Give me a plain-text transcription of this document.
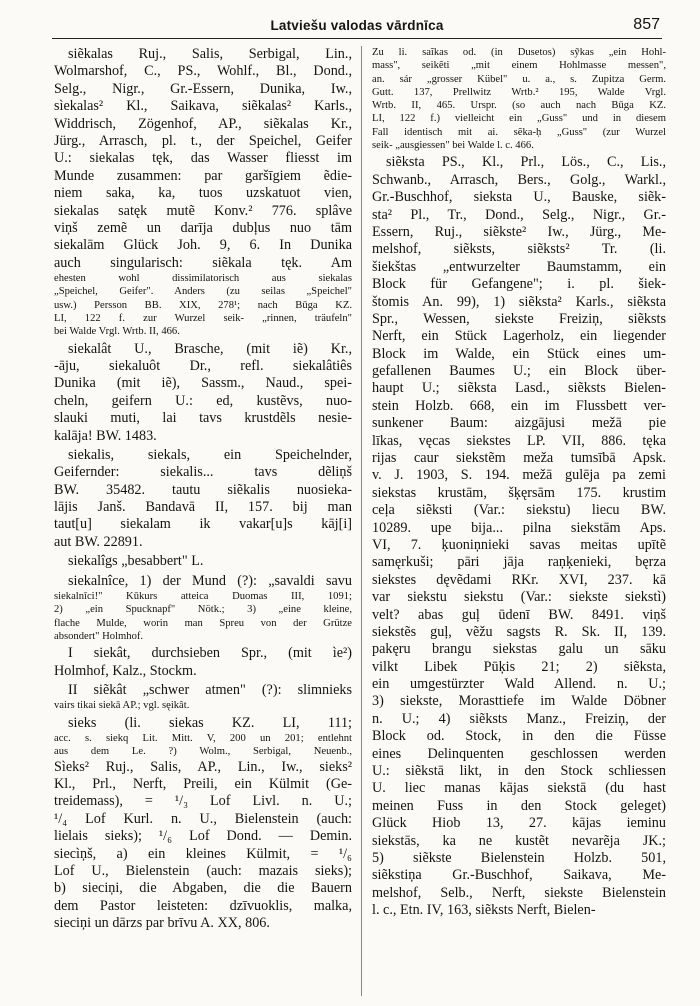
Latviešu valodas vārdnīca	857
siẽkalas Ruj., Salis, Serbigal, Lin.,
Wolmarshof, C., PS., Wohlf., Bl., Dond.,
Selg., Nigr., Gr.-Essern, Dunika, Iw.,
sìekalas² Kl., Saikava, siẽkalas² Karls.,
Widdrisch, Zögenhof, AP., siẽkalas Kr.,
Jürg., Arrasch, pl. t., der Speichel, Geifer
U.: siekalas tęk, das Wasser fliesst im
Munde zusammen: par garšīgiem ẽdie-
niem saka, ka, tuos uzskatuot vien,
siekalas satęk mutẽ Konv.² 776. splâve
viņš zemẽ un darīja dubļus nuo tām
siekalām Glück Joh. 9, 6. In Dunika
auch singularisch: siẽkala tęk. Am
ehesten wohl dissimilatorisch aus siekalas
„Speichel, Geifer". Anders (zu seilas „Speichel"
usw.) Persson BB. XIX, 278¹; nach Būga KZ.
LI, 122 f. zur Wurzel seik- „rinnen, träufeln"
bei Walde Vrgl. Wrtb. II, 466.
siekalât U., Brasche, (mit iẽ) Kr.,
-āju, siekaluôt Dr., refl. siekalâtiês
Dunika (mit iẽ), Sassm., Naud., spei-
cheln, geifern U.: ed, kustẽvs, nuo-
slauki muti, lai tavs krustdẽls nesie-
kalāja! BW. 1483.
siekalis, siekals, ein Speichelnder,
Geifernder: siekalis... tavs dẽliņš
BW. 35482. tautu siẽkalis nuosieka-
lājis Janš. Bandavā II, 157. bij man
taut[u] siekalam ik vakar[u]s kāj[i]
aut BW. 22891.
siekalîgs „besabbert" L.
siekalnîce, 1) der Mund (?): „savaldi savu
siekalnīci!" Kūkurs atteica Duomas III, 1091;
2) „ein Spucknapf" Nötk.; 3) „eine kleine,
flache Mulde, worin man Spreu von der Grütze
absondert" Holmhof.
I siekât, durchsieben Spr., (mit ìe²)
Holmhof, Kalz., Stockm.
II siẽkât „schwer atmen" (?): slimnieks
vairs tikai siekā AP.; vgl. sęikât.
sieks (li. siekas KZ. LI, 111;
acc. s. siekq Lit. Mitt. V, 200 un 201; entlehnt
aus dem Le. ?) Wolm., Serbigal, Neuenb.,
Sìeks² Ruj., Salis, AP., Lin., Iw., sieks²
Kl., Prl., Nerft, Preili, ein Külmit (Ge-
treidemass), = ¹/₃ Lof Livl. n. U.;
¹/₄ Lof Kurl. n. U., Bielenstein (auch:
lielais sieks); ¹/₆ Lof Dond. — Demin.
siecìņš, a) ein kleines Külmit, = ¹/₆
Lof U., Bielenstein (auch: mazais sieks);
b) sieciņi, die Abgaben, die die Bauern
dem Pastor leisteten: dzīvuoklis, malka,
sieciņi un dārzs par brīvu A. XX, 806.
Zu li. saĩkas od. (in Dusetos) sỹkas „ein Hohl-
mass", seikẽti „mit einem Hohlmasse messen",
an. sár „grosser Kübel" u. a., s. Zupitza Germ.
Gutt. 137, Prellwitz Wrtb.² 195, Walde Vrgl.
Wrtb. II, 465. Urspr. (so auch nach Būga KZ.
LI, 122 f.) vielleicht ein „Guss" und in diesem
Fall identisch mit ai. sẽka-ḥ „Guss" (zur Wurzel
seik- „ausgiessen" bei Walde l. c. 466.
siẽksta PS., Kl., Prl., Lös., C., Lis.,
Schwanb., Arrasch, Bers., Golg., Warkl.,
Gr.-Buschhof, sieksta U., Bauske, siẽk-
sta² Pl., Tr., Dond., Selg., Nigr., Gr.-
Essern, Ruj., siẽkste² Iw., Jürg., Me-
melshof, siẽksts, siẽksts² Tr. (li.
šiekštas „entwurzelter Baumstamm, ein
Block für Gefangene"; i. pl. šiek-
štomis An. 99), 1) siẽksta² Karls., siẽksta
Spr., Wessen, siekste Freiziņ, siẽksts
Nerft, ein Stück Lagerholz, ein liegender
Block im Walde, ein Stück eines um-
gefallenen Baumes U.; ein Block über-
haupt U.; siẽksta Lasd., siẽksts Bielen-
stein Holzb. 668, ein im Flussbett ver-
sunkener Baum: aizgājusi mežā pie
līkas, vęcas siekstes LP. VII, 886. tęka
rijas caur siekstẽm meža tumsībā Apsk.
v. J. 1903, S. 194. mežā gulēja pa zemi
siekstas krustām, šķęrsām 175. krustim
ceļa siẽksti (Var.: siekstu) liecu BW.
10289. upe bija... pilna siekstām Aps.
VI, 7. ķuoniņnieki savas meitas upītẽ
samęrkuši; pāri jāja raņķenieki, bęrza
siekstes dęvẽdami RKr. XVI, 237. kā
var siekstu siekstu (Var.: siekste siekstì)
velt? abas guļ ūdenī BW. 8491. viņš
siekstẽs guļ, vẽžu sagsts R. Sk. II, 139.
pakęru brangu siekstas galu un sāku
vilkt Libek Pūķis 21; 2) siẽksta,
ein umgestürzter Wald Allend. n. U.;
3) siekste, Morasttiefe im Walde Döbner
n. U.; 4) siẽksts Manz., Freiziņ, der
Block od. Stock, in den die Füsse
eines Delinquenten geschlossen werden
U.: siẽkstā likt, in den Stock schliessen
U. liec manas kājas siekstā (du hast
meinen Fuss in den Stock geleget)
Glück Hiob 13, 27. kājas ieminu
siekstās, ka ne kustẽt nevarẽja JK.;
5) siẽkste Bielenstein Holzb. 501,
siẽkstiņa Gr.-Buschhof, Saikava, Me-
melshof, Selb., Nerft, siekste Bielenstein
l. c., Etn. IV, 163, siẽksts Nerft, Bielen-
